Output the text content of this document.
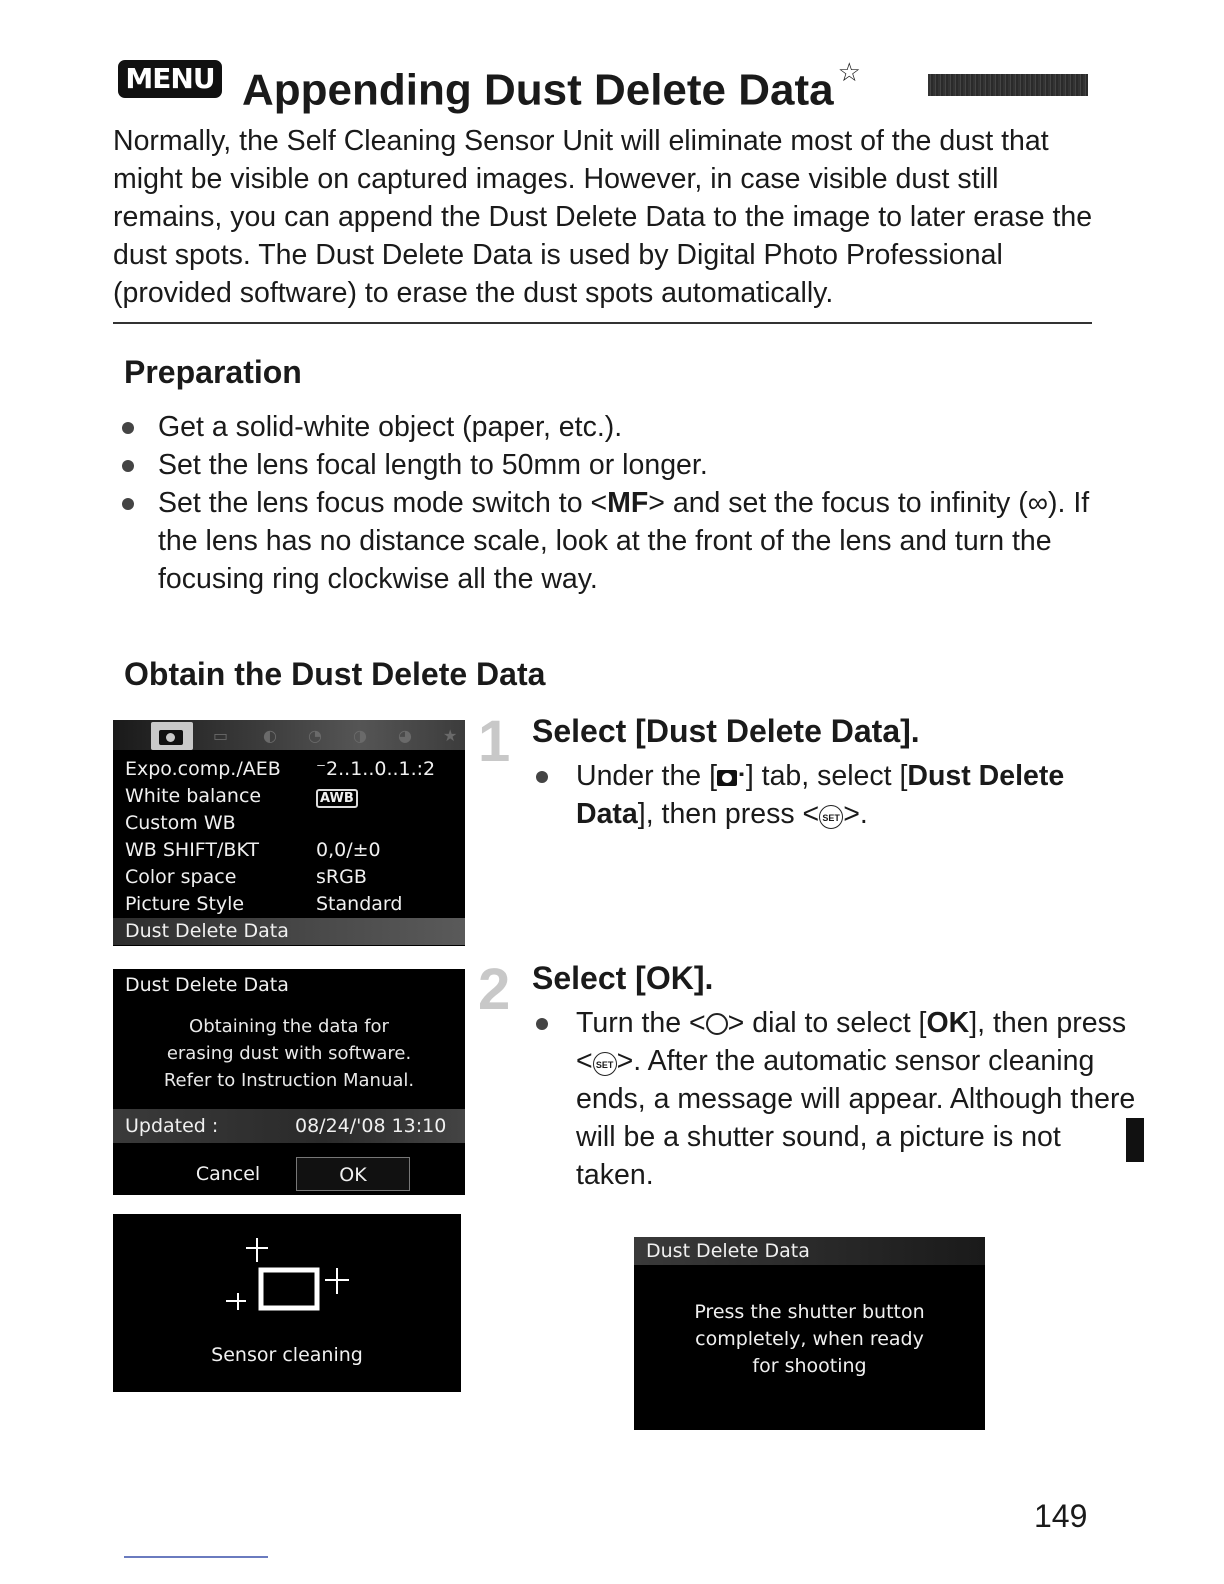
MENU Appending Dust Delete Data ☆

Normally, the Self Cleaning Sensor Unit will eliminate most of the dust that might be visible on captured images. However, in case visible dust still remains, you can append the Dust Delete Data to the image to later erase the dust spots. The Dust Delete Data is used by Digital Photo Professional (provided software) to erase the dust spots automatically.

Preparation
Get a solid-white object (paper, etc.).
Set the lens focal length to 50mm or longer.
Set the lens focus mode switch to <MF> and set the focus to infinity (∞). If the lens has no distance scale, look at the front of the lens and turn the focusing ring clockwise all the way.
Obtain the Dust Delete Data
▭ ◐ ◔ ◑ ◕ ★
Expo.comp./AEB ⁻2..1..0..1.:2
White balance	AWB
Custom WB
WB SHIFT/BKT	0,0/±0
Color space	sRGB
Picture Style	Standard
Dust Delete Data
Dust Delete Data
Obtaining the data for
erasing dust with software.
Refer to Instruction Manual.
Updated :	08/24/'08 13:10
Cancel	OK
Sensor cleaning
1 Select [Dust Delete Data].

Under the [ ᐧ] tab, select [Dust Delete Data], then press < SET >.

2 Select [OK].

Turn the < > dial to select [OK], then press < SET >. After the automatic sensor cleaning ends, a message will appear. Although there will be a shutter sound, a picture is not taken.

Dust Delete Data
Press the shutter button
completely, when ready
for shooting
149
